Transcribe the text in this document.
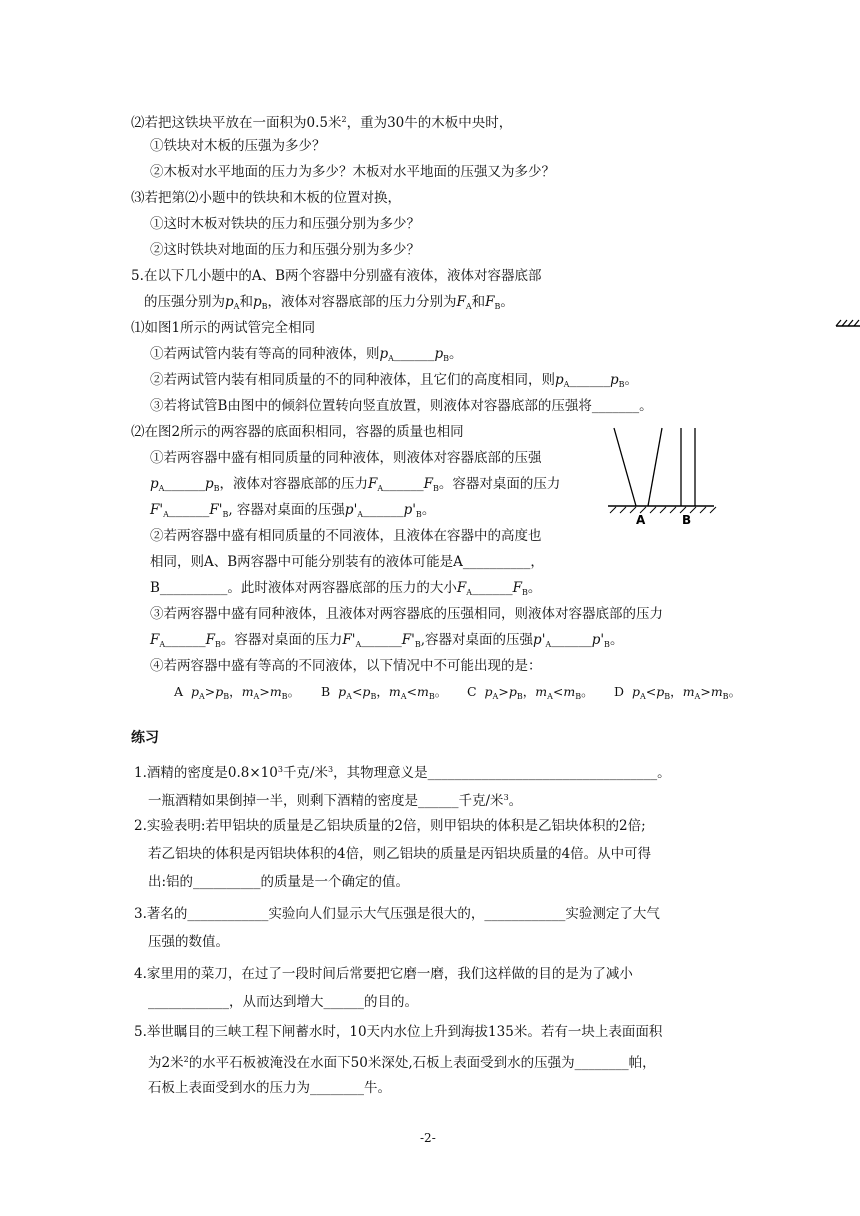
⑵若把这铁块平放在一面积为0.5米$^2$，重为30牛的木板中央时，
①铁块对木板的压强为多少？
②木板对水平地面的压力为多少？木板对水平地面的压强又为多少？
⑶若把第⑵小题中的铁块和木板的位置对换，
①这时木板对铁块的压力和压强分别为多少？
②这时铁块对地面的压力和压强分别为多少？
5.在以下几小题中的A、B两个容器中分别盛有液体，液体对容器底部
的压强分别为$p_A$和$p_B$，液体对容器底部的压力分别为$F_A$和$F_B$。
⑴如图1所示的两试管完全相同
①若两试管内装有等高的同种液体，则$p_A\_\_\_\_\_\_p_B$。
②若两试管内装有相同质量的不的同种液体，且它们的高度相同，则$p_A\_\_\_\_\_\_p_B$。
③若将试管B由图中的倾斜位置转向竖直放置，则液体对容器底部的压强将_______。
⑵在图2所示的两容器的底面积相同，容器的质量也相同
①若两容器中盛有相同质量的同种液体，则液体对容器底部的压强
$p_A\_\_\_\_\_\_p_B$，液体对容器底部的压力$F_A\_\_\_\_\_\_F_B$。容器对桌面的压力
$F'_A\_\_\_\_\_\_F'_B$, 容器对桌面的压强$p'_A\_\_\_\_\_\_p'_B$。
②若两容器中盛有相同质量的不同液体，且液体在容器中的高度也
相同，则A、B两容器中可能分别装有的液体可能是A__________，
B__________。此时液体对两容器底部的压力的大小$F_A\_\_\_\_\_\_F_B$。
③若两容器中盛有同种液体，且液体对两容器底的压强相同，则液体对容器底部的压力
$F_A\_\_\_\_\_\_F_B$。容器对桌面的压力$F'_A\_\_\_\_\_\_F'_B$,容器对桌面的压强$p'_A\_\_\_\_\_\_p'_B$。
④若两容器中盛有等高的不同液体，以下情况中不可能出现的是：
A $p_A>p_B$，$m_A>m_B$。 B $p_A<p_B$，$m_A<m_B$。 C $p_A>p_B$，$m_A<m_B$。 D $p_A<p_B$，$m_A>m_B$。
A	B
练习
1.酒精的密度是$0.8\times 10^3$千克/米$^3$，其物理意义是__________________________________。
一瓶酒精如果倒掉一半，则剩下酒精的密度是______千克/米$^3$。
2.实验表明:若甲铝块的质量是乙铝块质量的2倍，则甲铝块的体积是乙铝块体积的2倍;
若乙铝块的体积是丙铝块体积的4倍，则乙铝块的质量是丙铝块质量的4倍。从中可得
出:铝的__________的质量是一个确定的值。
3.著名的____________实验向人们显示大气压强是很大的，____________实验测定了大气
压强的数值。
4.家里用的菜刀，在过了一段时间后常要把它磨一磨，我们这样做的目的是为了减小
____________，从而达到增大______的目的。
5.举世瞩目的三峡工程下闸蓄水时，10天内水位上升到海拔135米。若有一块上表面面积
为2米$^2$的水平石板被淹没在水面下50米深处,石板上表面受到水的压强为________帕，
石板上表面受到水的压力为________牛。
-2-
